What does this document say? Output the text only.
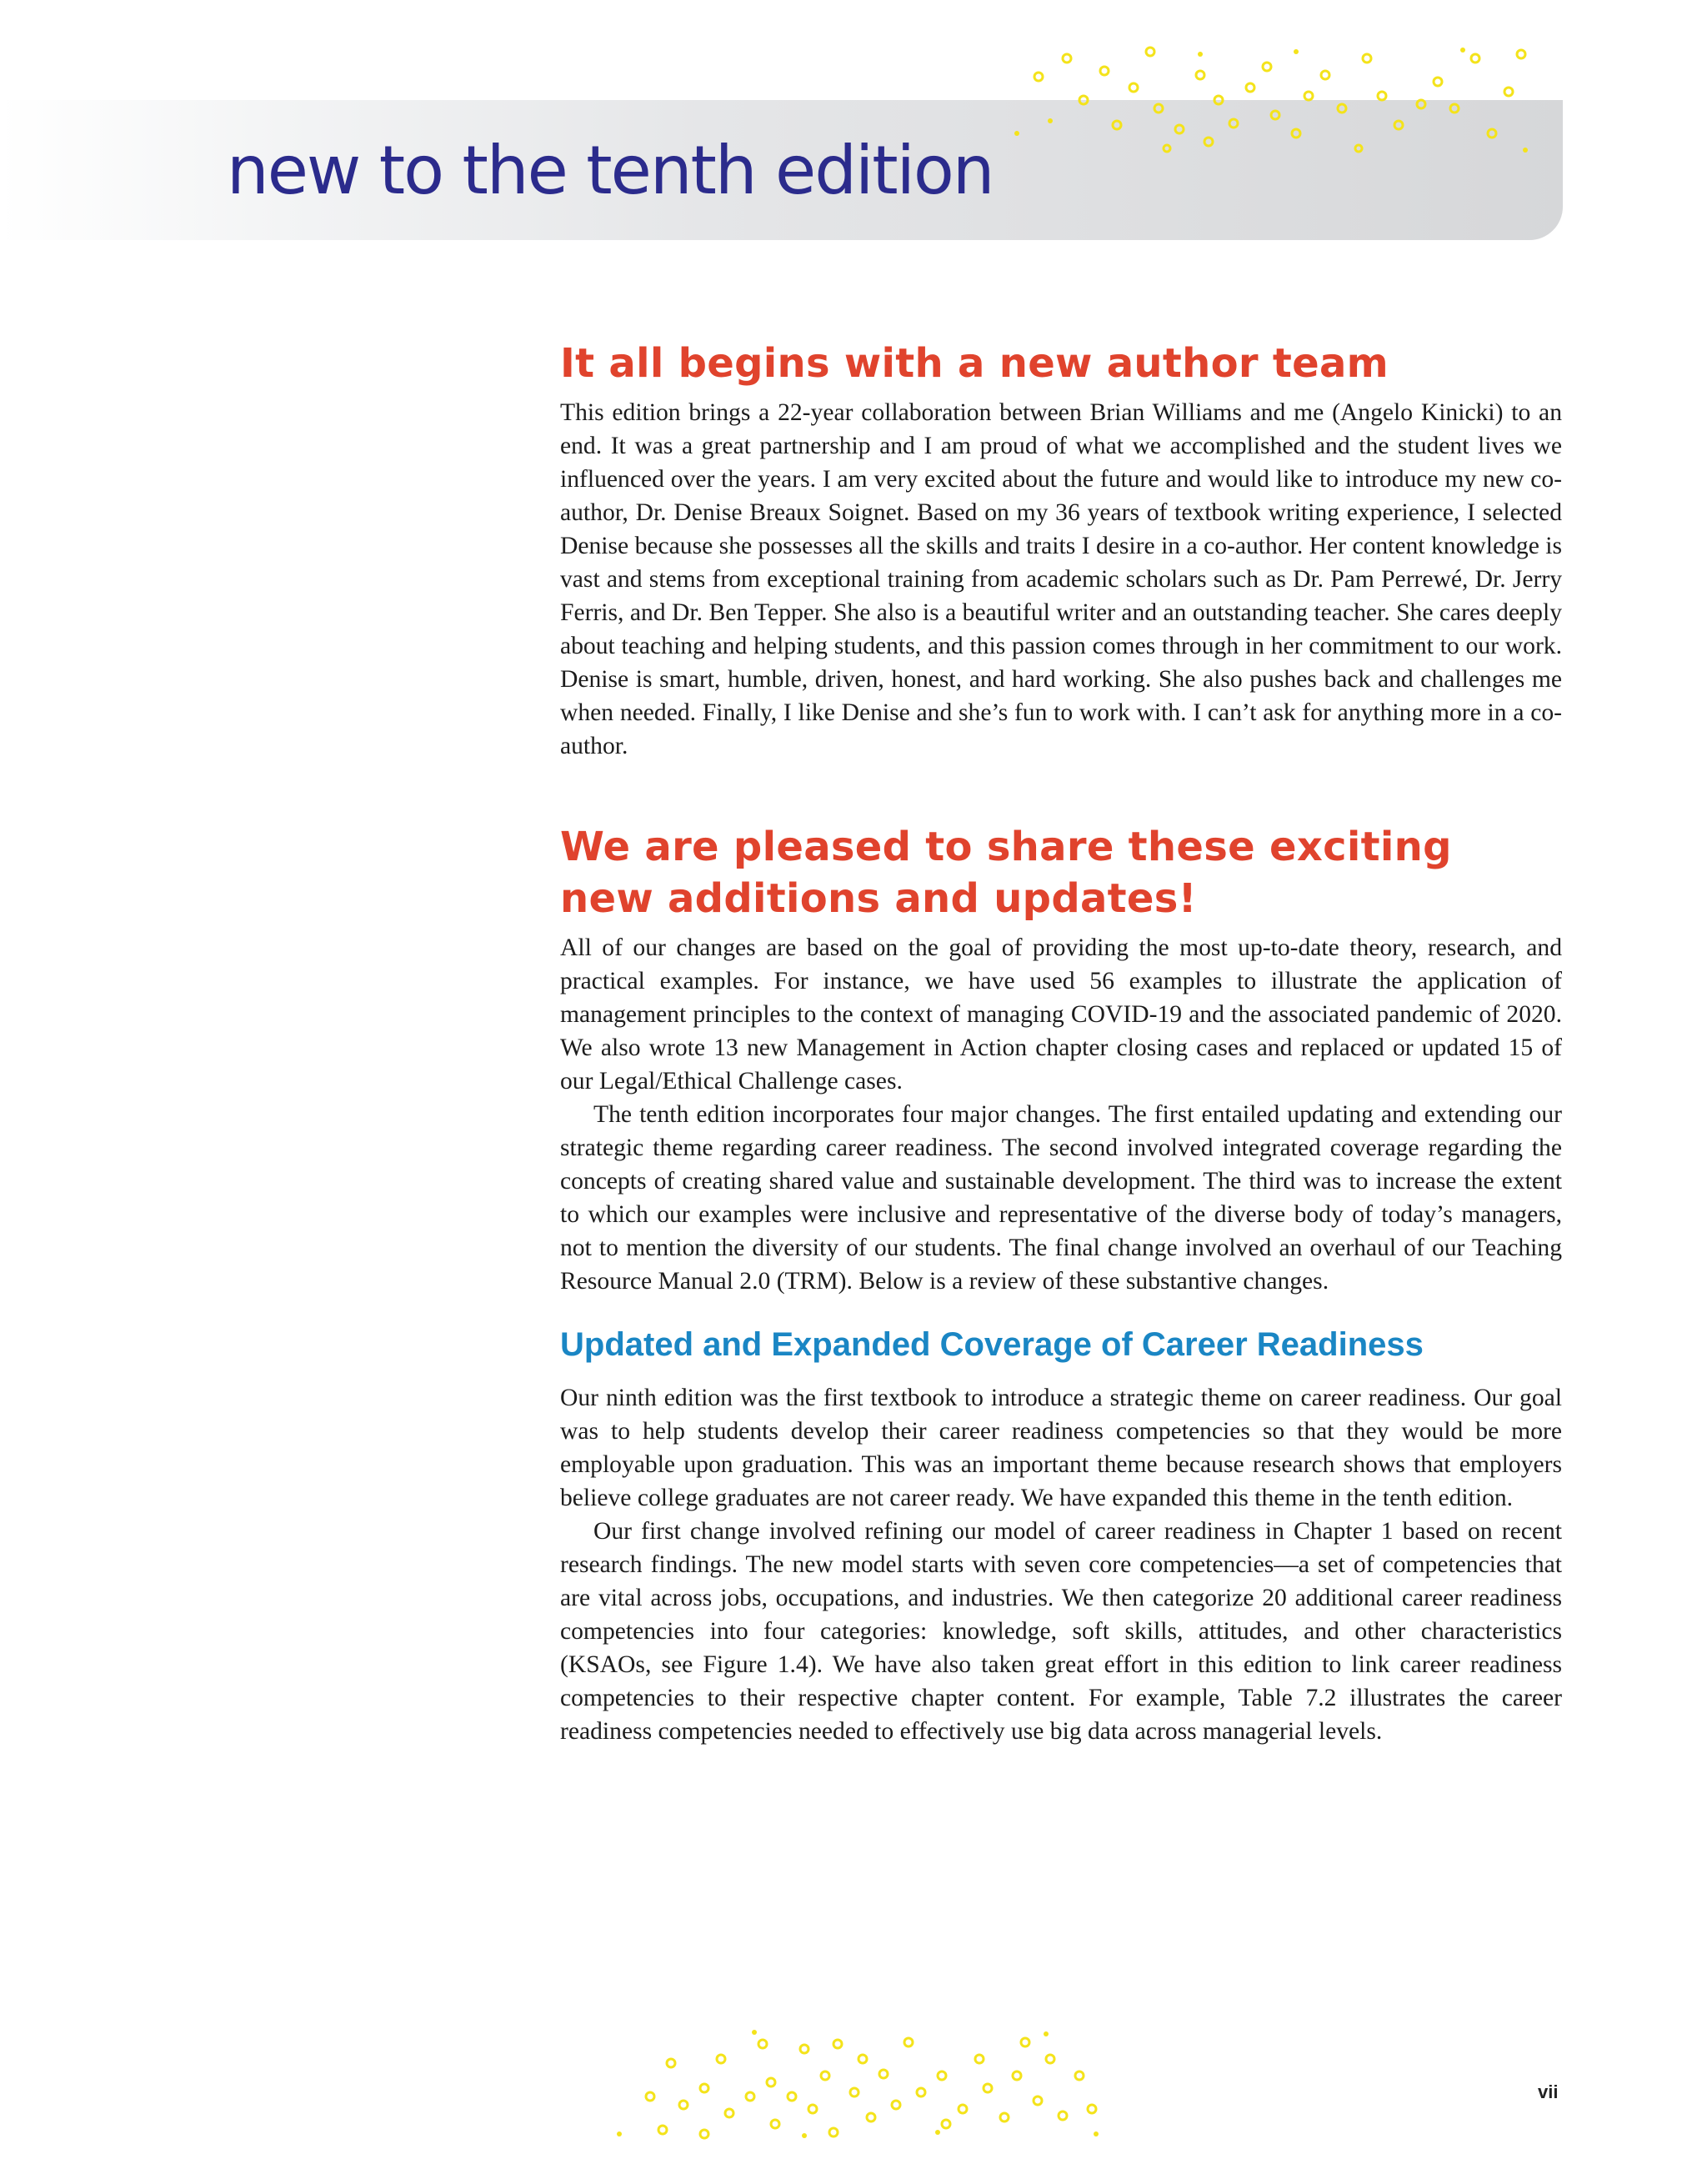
new to the tenth edition
It all begins with a new author team

This edition brings a 22-year collaboration between Brian Williams and me (Angelo Kinicki) to an end. It was a great partnership and I am proud of what we accomplished and the student lives we influenced over the years. I am very excited about the future and would like to introduce my new co-author, Dr. Denise Breaux Soignet. Based on my 36 years of textbook writing experience, I selected Denise because she possesses all the skills and traits I desire in a co-author. Her content knowledge is vast and stems from exceptional training from academic scholars such as Dr. Pam Perrewé, Dr. Jerry Ferris, and Dr. Ben Tepper. She also is a beautiful writer and an outstanding teacher. She cares deeply about teaching and helping students, and this passion comes through in her commitment to our work. Denise is smart, humble, driven, honest, and hard working. She also pushes back and challenges me when needed. Finally, I like Denise and she’s fun to work with. I can’t ask for anything more in a co-author.

We are pleased to share these exciting new additions and updates!

All of our changes are based on the goal of providing the most up-to-date theory, research, and practical examples. For instance, we have used 56 examples to illustrate the application of management principles to the context of managing COVID-19 and the associated pandemic of 2020. We also wrote 13 new Management in Action chapter closing cases and replaced or updated 15 of our Legal/Ethical Challenge cases.

The tenth edition incorporates four major changes. The first entailed updating and extending our strategic theme regarding career readiness. The second involved integrated coverage regarding the concepts of creating shared value and sustainable development. The third was to increase the extent to which our examples were inclusive and representative of the diverse body of today’s managers, not to mention the diversity of our students. The final change involved an overhaul of our Teaching Resource Manual 2.0 (TRM). Below is a review of these substantive changes.

Updated and Expanded Coverage of Career Readiness

Our ninth edition was the first textbook to introduce a strategic theme on career readiness. Our goal was to help students develop their career readiness competencies so that they would be more employable upon graduation. This was an important theme because research shows that employers believe college graduates are not career ready. We have expanded this theme in the tenth edition.

Our first change involved refining our model of career readiness in Chapter 1 based on recent research findings. The new model starts with seven core competencies—a set of competencies that are vital across jobs, occupations, and industries. We then categorize 20 additional career readiness competencies into four categories: knowledge, soft skills, attitudes, and other characteristics (KSAOs, see Figure 1.4). We have also taken great effort in this edition to link career readiness competencies to their respective chapter content. For example, Table 7.2 illustrates the career readiness competencies needed to effectively use big data across managerial levels.

vii
